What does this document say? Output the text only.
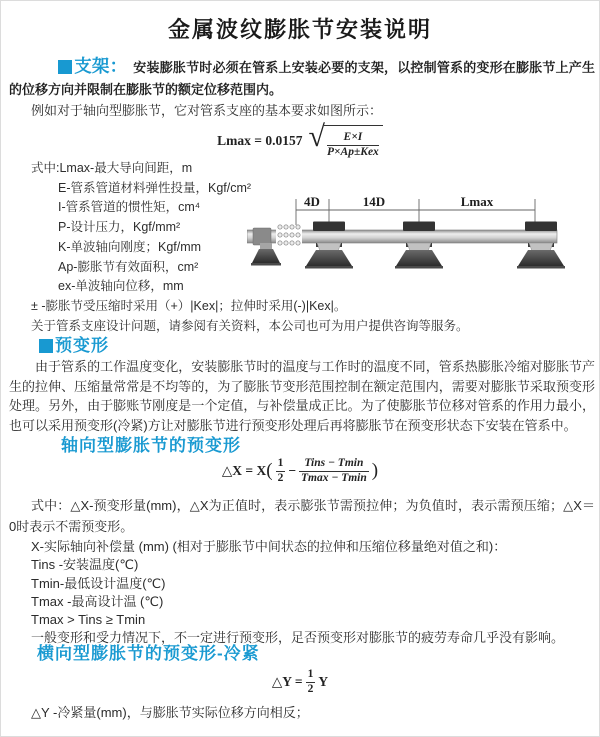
金属波纹膨胀节安装说明
支架： 安装膨胀节时必须在管系上安装必要的支架，以控制管系的变形在膨胀节上产生的位移方向并限制在膨胀节的额定位移范围内。
例如对于轴向型膨胀节，它对管系支座的基本要求如图所示：
Lmax = 0.0157 √ $\frac{E\times I}{\text{P×Ap±Kex}}$
式中:Lmax-最大导向间距，m
E-管系管道材料弹性投量，Kgf/cm²
I-管系管道的惯性矩，cm⁴
P-设计压力，Kgf/mm²
K-单波轴向刚度；Kgf/mm
Ap-膨胀节有效面积，cm²
ex-单波轴向位移，mm
± -膨胀节受压缩时采用（+）|Kex|；拉伸时采用(-)|Kex|。
关于管系支座设计问题，请参阅有关资料，本公司也可为用户提供咨询等服务。
4D	14D	Lmax
预变形
由于管系的工作温度变化，安装膨胀节时的温度与工作时的温度不同，管系热膨胀冷缩对膨胀节产生的拉伸、压缩量常常是不均等的，为了膨胀节变形范围控制在额定范围内，需要对膨胀节采取预变形处理。另外，由于膨账节刚度是一个定值，与补偿量成正比。为了使膨胀节位移对管系的作用力最小，也可以采用预变形(冷紧)方让对膨胀节进行预变形处理后再将膨胀节在预变形状态下安装在管系中。
轴向型膨胀节的预变形
△X = X ( $\frac{1}{2} - \frac{\text{Tins − Tmin}}{Tmax - Tmin}$ )
式中：△X-预变形量(mm)，△X为正值时，表示膨张节需预拉伸；为负值时，表示需预压缩；△X＝0时表示不需预变形。
X-实际轴向补偿量 (mm) (相对于膨胀节中间状态的拉伸和压缩位移量绝对值之和)：
Tins -安装温度(℃)
Tmin-最低设计温度(℃)
Tmax -最高设计温 (℃)
Tmax > Tins ≥ Tmin
一般变形和受力情况下，不一定进行预变形，足否预变形对膨胀节的疲劳寿命几乎没有影响。
横向型膨胀节的预变形-冷紧
△Y = $\frac{1}{2}$ Y
△Y -冷紧量(mm)，与膨胀节实际位移方向相反；
